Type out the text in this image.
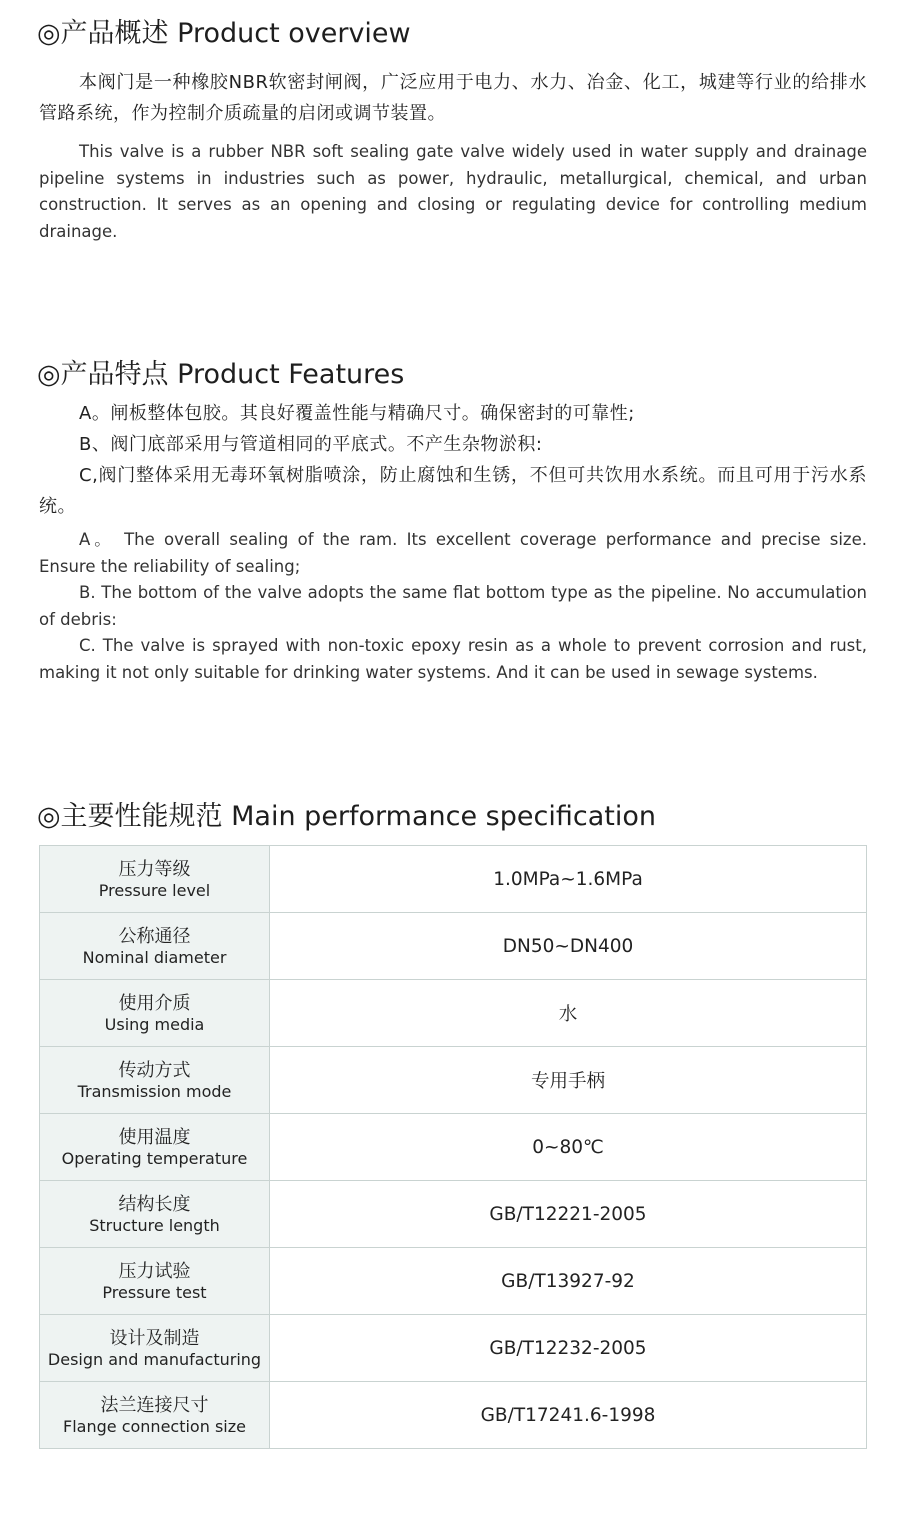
◎产品概述 Product overview

本阀门是一种橡胶NBR软密封闸阀，广泛应用于电力、水力、冶金、化工，城建等行业的给排水管路系统，作为控制介质疏量的启闭或调节装置。

This valve is a rubber NBR soft sealing gate valve widely used in water supply and drainage pipeline systems in industries such as power, hydraulic, metallurgical, chemical, and urban construction. It serves as an opening and closing or regulating device for controlling medium drainage.

◎产品特点 Product Features

A。闸板整体包胶。其良好覆盖性能与精确尺寸。确保密封的可靠性;

B、阀门底部采用与管道相同的平底式。不产生杂物淤积:

C,阀门整体采用无毒环氧树脂喷涂，防止腐蚀和生锈，不但可共饮用水系统。而且可用于污水系统。

A。 The overall sealing of the ram. Its excellent coverage performance and precise size. Ensure the reliability of sealing;

B. The bottom of the valve adopts the same flat bottom type as the pipeline. No accumulation of debris:

C. The valve is sprayed with non-toxic epoxy resin as a whole to prevent corrosion and rust, making it not only suitable for drinking water systems. And it can be used in sewage systems.

◎主要性能规范 Main performance specification
压力等级
Pressure level	1.0MPa~1.6MPa

公称通径
Nominal diameter	DN50~DN400

使用介质
Using media	水

传动方式
Transmission mode	专用手柄

使用温度
Operating temperature	0~80℃

结构长度
Structure length	GB/T12221-2005

压力试验
Pressure test	GB/T13927-92

设计及制造
Design and manufacturing	GB/T12232-2005

法兰连接尺寸
Flange connection size	GB/T17241.6-1998
